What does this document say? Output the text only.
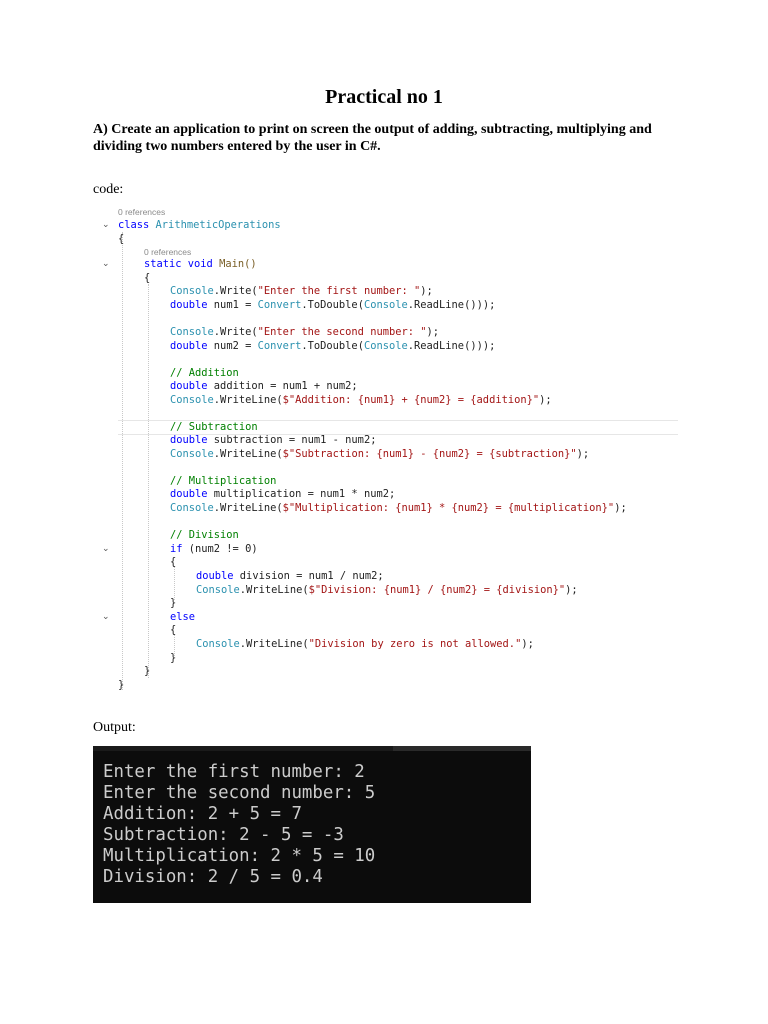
Practical no 1
A) Create an application to print on screen the output of adding, subtracting, multiplying and
dividing two numbers entered by the user in C#.
code:
⌄
⌄
⌄
⌄
0 references
class ArithmeticOperations
{
0 references
static void Main()
{
Console.Write("Enter the first number: ");
double num1 = Convert.ToDouble(Console.ReadLine()));
Console.Write("Enter the second number: ");
double num2 = Convert.ToDouble(Console.ReadLine()));
// Addition
double addition = num1 + num2;
Console.WriteLine($"Addition: {num1} + {num2} = {addition}");
// Subtraction
double subtraction = num1 - num2;
Console.WriteLine($"Subtraction: {num1} - {num2} = {subtraction}");
// Multiplication
double multiplication = num1 * num2;
Console.WriteLine($"Multiplication: {num1} * {num2} = {multiplication}");
// Division
if (num2 != 0)
{
double division = num1 / num2;
Console.WriteLine($"Division: {num1} / {num2} = {division}");
}
else
{
Console.WriteLine("Division by zero is not allowed.");
}
}
}
Output:
Enter the first number: 2
Enter the second number: 5
Addition: 2 + 5 = 7
Subtraction: 2 - 5 = -3
Multiplication: 2 * 5 = 10
Division: 2 / 5 = 0.4
